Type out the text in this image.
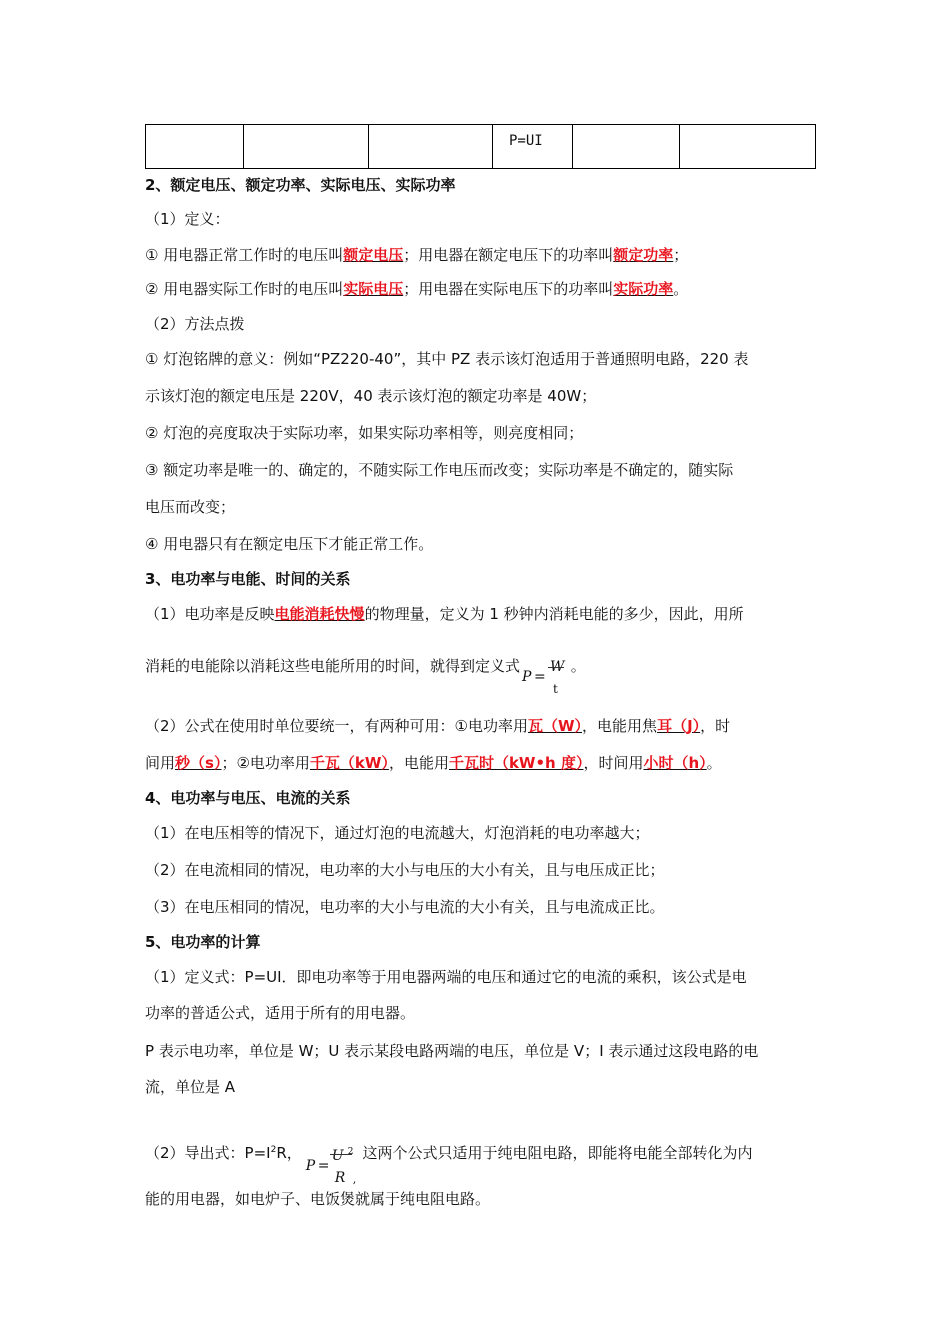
			P=UI		
2、额定电压、额定功率、实际电压、实际功率
（1）定义：
① 用电器正常工作时的电压叫额定电压；用电器在额定电压下的功率叫额定功率；
② 用电器实际工作时的电压叫实际电压；用电器在实际电压下的功率叫实际功率。
（2）方法点拨
① 灯泡铭牌的意义：例如“PZ220-40”，其中 PZ 表示该灯泡适用于普通照明电路，220 表
示该灯泡的额定电压是 220V，40 表示该灯泡的额定功率是 40W；
② 灯泡的亮度取决于实际功率，如果实际功率相等，则亮度相同；
③ 额定功率是唯一的、确定的，不随实际工作电压而改变；实际功率是不确定的，随实际
电压而改变；
④ 用电器只有在额定电压下才能正常工作。
3、电功率与电能、时间的关系
（1）电功率是反映电能消耗快慢的物理量，定义为 1 秒钟内消耗电能的多少，因此，用所
消耗的电能除以消耗这些电能所用的时间，就得到定义式
P =
W
t
。
（2）公式在使用时单位要统一，有两种可用：①电功率用瓦（W），电能用焦耳（J），时
间用秒（s）；②电功率用千瓦（kW），电能用千瓦时（kW•h 度），时间用小时（h）。
4、电功率与电压、电流的关系
（1）在电压相等的情况下，通过灯泡的电流越大，灯泡消耗的电功率越大；
（2）在电流相同的情况，电功率的大小与电压的大小有关，且与电压成正比；
（3）在电压相同的情况，电功率的大小与电流的大小有关，且与电流成正比。
5、电功率的计算
（1）定义式：P=UI．即电功率等于用电器两端的电压和通过它的电流的乘积，该公式是电
功率的普适公式，适用于所有的用电器。
P 表示电功率，单位是 W；U 表示某段电路两端的电压，单位是 V；I 表示通过这段电路的电
流，单位是 A
（2）导出式：$P=I^2R$，
P =
U 2
R ,
这两个公式只适用于纯电阻电路，即能将电能全部转化为内
能的用电器，如电炉子、电饭煲就属于纯电阻电路。
